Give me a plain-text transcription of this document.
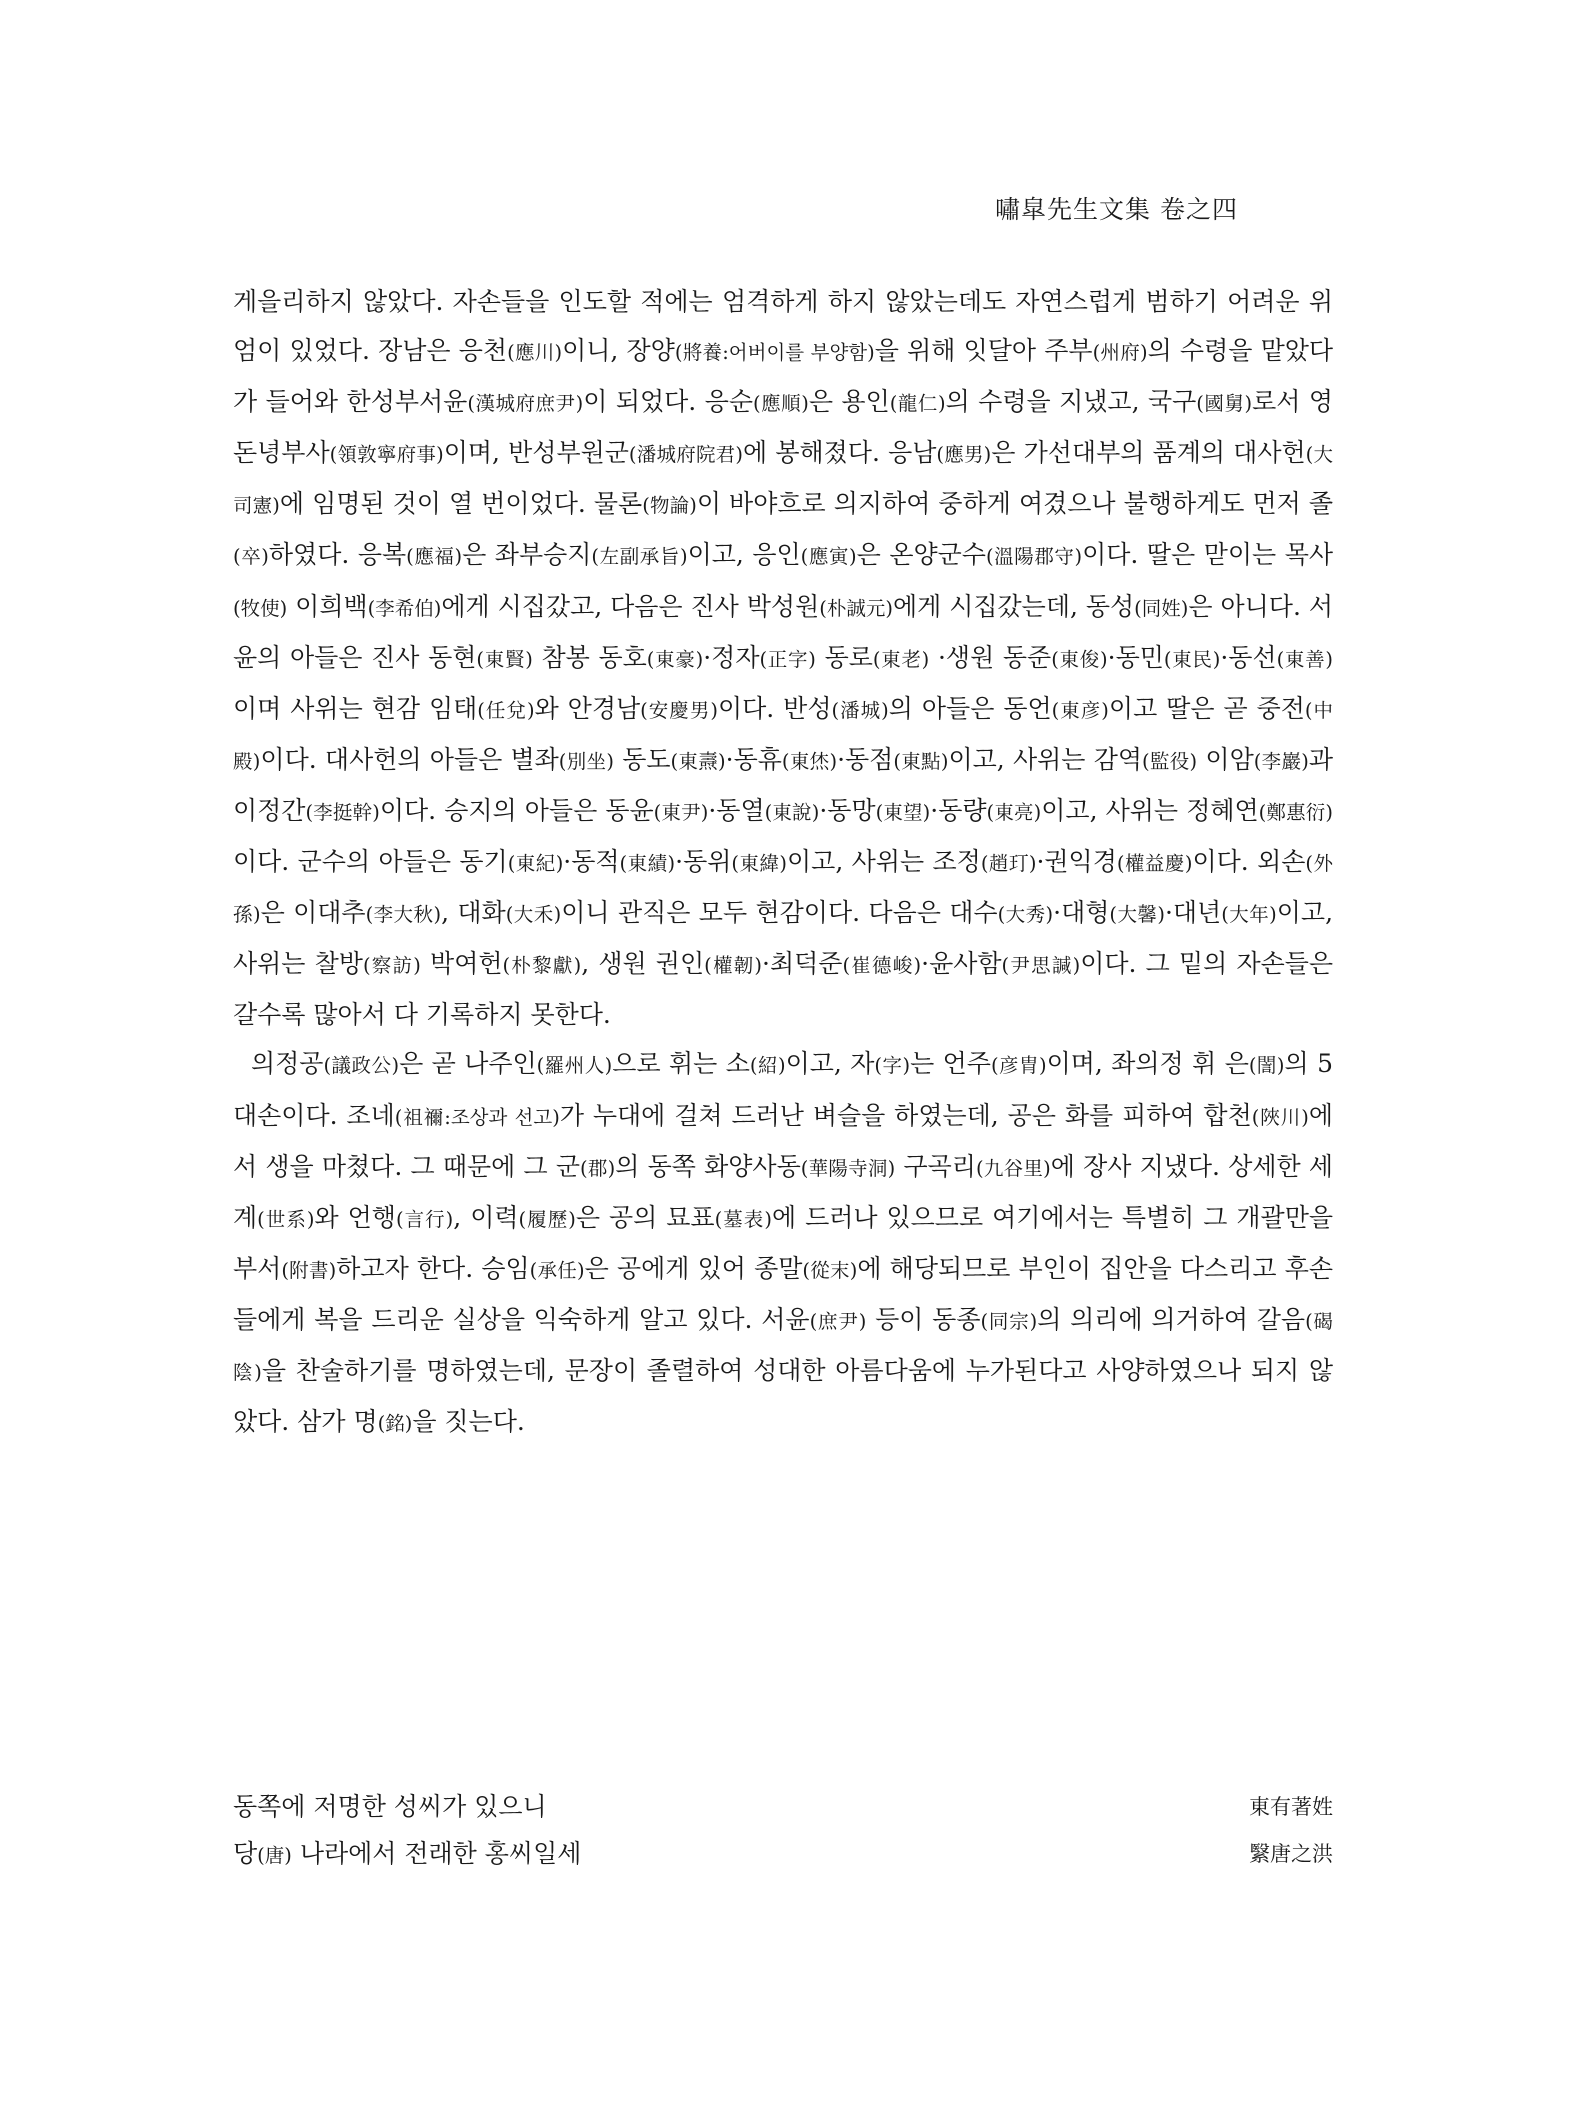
嘯皐先生文集 卷之四

게을리하지 않았다. 자손들을 인도할 적에는 엄격하게 하지 않았는데도 자연스럽게 범하기 어려운 위엄이 있었다. 장남은 응천(應川)이니, 장양(將養:어버이를 부양함)을 위해 잇달아 주부(州府)의 수령을 맡았다가 들어와 한성부서윤(漢城府庶尹)이 되었다. 응순(應順)은 용인(龍仁)의 수령을 지냈고, 국구(國舅)로서 영돈녕부사(領敦寧府事)이며, 반성부원군(潘城府院君)에 봉해졌다. 응남(應男)은 가선대부의 품계의 대사헌(大司憲)에 임명된 것이 열 번이었다. 물론(物論)이 바야흐로 의지하여 중하게 여겼으나 불행하게도 먼저 졸(卒)하였다. 응복(應福)은 좌부승지(左副承旨)이고, 응인(應寅)은 온양군수(溫陽郡守)이다. 딸은 맏이는 목사(牧使) 이희백(李希伯)에게 시집갔고, 다음은 진사 박성원(朴誠元)에게 시집갔는데, 동성(同姓)은 아니다. 서윤의 아들은 진사 동현(東賢) 참봉 동호(東豪)·정자(正字) 동로(東老) ·생원 동준(東俊)·동민(東民)·동선(東善)이며 사위는 현감 임태(任兌)와 안경남(安慶男)이다. 반성(潘城)의 아들은 동언(東彦)이고 딸은 곧 중전(中殿)이다. 대사헌의 아들은 별좌(別坐) 동도(東燾)·동휴(東烋)·동점(東點)이고, 사위는 감역(監役) 이암(李巖)과 이정간(李挺幹)이다. 승지의 아들은 동윤(東尹)·동열(東說)·동망(東望)·동량(東亮)이고, 사위는 정혜연(鄭惠衍)이다. 군수의 아들은 동기(東紀)·동적(東績)·동위(東緯)이고, 사위는 조정(趙玎)·권익경(權益慶)이다. 외손(外孫)은 이대추(李大秋), 대화(大禾)이니 관직은 모두 현감이다. 다음은 대수(大秀)·대형(大馨)·대년(大年)이고, 사위는 찰방(察訪) 박여헌(朴黎獻), 생원 권인(權韌)·최덕준(崔德峻)·윤사함(尹思諴)이다. 그 밑의 자손들은 갈수록 많아서 다 기록하지 못한다.

의정공(議政公)은 곧 나주인(羅州人)으로 휘는 소(紹)이고, 자(字)는 언주(彦胄)이며, 좌의정 휘 은(誾)의 5대손이다. 조네(祖禰:조상과 선고)가 누대에 걸쳐 드러난 벼슬을 하였는데, 공은 화를 피하여 합천(陜川)에서 생을 마쳤다. 그 때문에 그 군(郡)의 동쪽 화양사동(華陽寺洞) 구곡리(九谷里)에 장사 지냈다. 상세한 세계(世系)와 언행(言行), 이력(履歷)은 공의 묘표(墓表)에 드러나 있으므로 여기에서는 특별히 그 개괄만을 부서(附書)하고자 한다. 승임(承任)은 공에게 있어 종말(從末)에 해당되므로 부인이 집안을 다스리고 후손들에게 복을 드리운 실상을 익숙하게 알고 있다. 서윤(庶尹) 등이 동종(同宗)의 의리에 의거하여 갈음(碣陰)을 찬술하기를 명하였는데, 문장이 졸렬하여 성대한 아름다움에 누가된다고 사양하였으나 되지 않았다. 삼가 명(銘)을 짓는다.

동쪽에 저명한 성씨가 있으니	東有著姓
당(唐) 나라에서 전래한 홍씨일세	繄唐之洪
